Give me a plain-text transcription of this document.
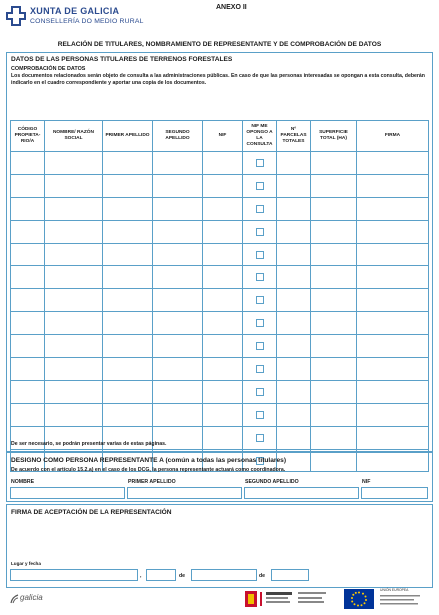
XUNTA DE GALICIA
CONSELLERÍA DO MEDIO RURAL
ANEXO II
RELACIÓN DE TITULARES, NOMBRAMIENTO DE REPRESENTANTE Y DE COMPROBACIÓN DE DATOS
DATOS DE LAS PERSONAS TITULARES DE TERRENOS FORESTALES
COMPROBACIÓN DE DATOS
Los documentos relacionados serán objeto de consulta a las administraciones públicas. En caso de que las personas interesadas se opongan a esta consulta, deberán indicarlo en el cuadro correspondiente y aportar una copia de los documentos.
CÓDIGO PROPIETA-RIO/A	NOMBRE/ RAZÓN SOCIAL	PRIMER APELLIDO	SEGUNDO APELLIDO	NIF	NIF ME OPONGO A LA CONSULTA	Nº PARCELAS TOTALES	SUPERFICIE TOTAL (HA)	FIRMA

De ser necesario, se podrán presentar varias de estas páginas.
DESIGNO COMO PERSONA REPRESENTANTE A (común a todas las personas titulares)
De acuerdo con el artículo 15.2.a) en el caso de los DCG, la persona representante actuará como coordinadora.
NOMBRE	PRIMER APELLIDO	SEGUNDO APELLIDO	NIF
FIRMA DE ACEPTACIÓN DE LA REPRESENTACIÓN
Lugar y fecha
,	de	de
galicia
UNIÓN EUROPEA
